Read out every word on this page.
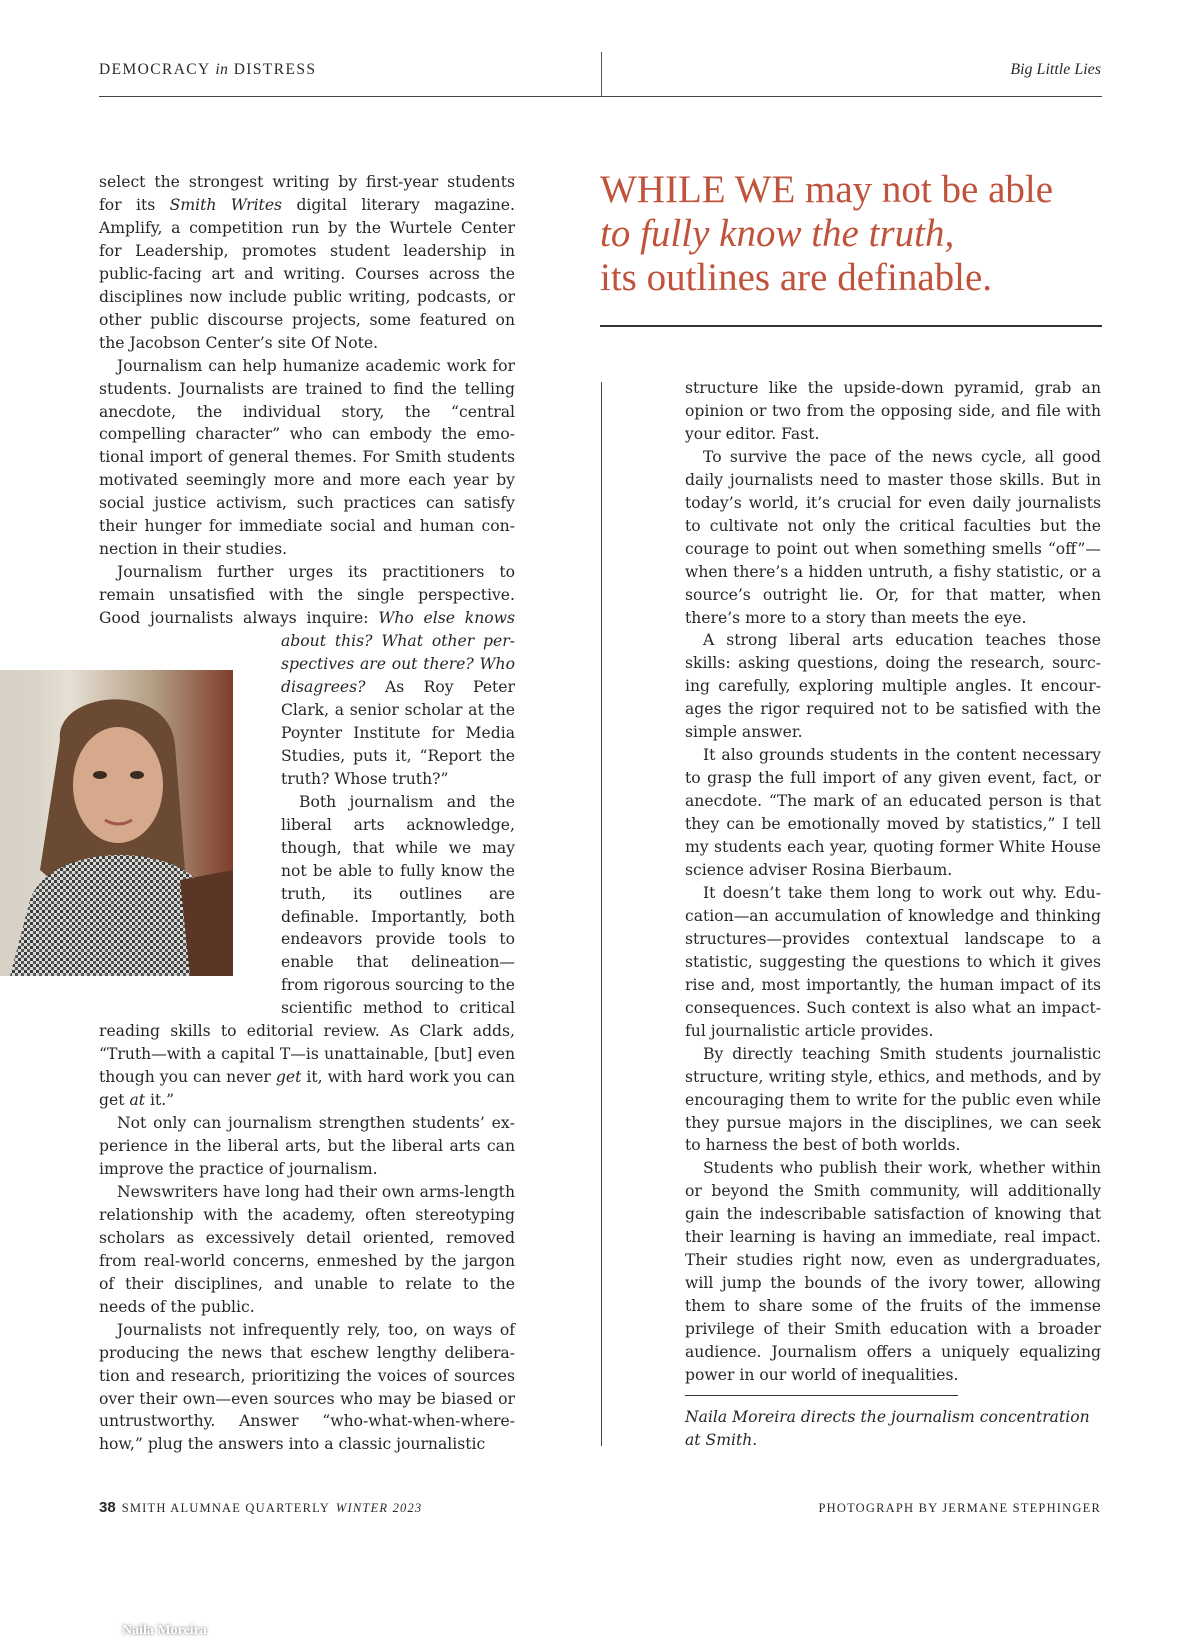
DEMOCRACY in DISTRESS	Big Little Lies
WHILE WE may not be able
to fully know the truth,
its outlines are definable.

select the strongest writing by first-year students for its Smith Writes digital literary magazine. Amplify, a competition run by the Wurtele Center for Leadership, promotes student leadership in public-facing art and writing. Courses across the disciplines now include public writing, podcasts, or other public discourse projects, some featured on the Jacobson Center’s site Of Note.

Journalism can help humanize academic work for students. Journalists are trained to find the telling anecdote, the individual story, the “central compelling character” who can embody the emotional import of general themes. For Smith students motivated seemingly more and more each year by social justice activism, such practices can satisfy their hunger for immediate social and human connection in their studies.

Journalism further urges its practitioners to remain unsatisfied with the single perspective. Good journalists always inquire:
Who else knows about this? What other perspectives are out there? Who disagrees? As Roy Peter Clark, a senior scholar at the Poynter Institute for Media Studies, puts it, “Report the truth? Whose truth?”

Both journalism and the liberal arts acknowledge, though, that while we may not be able to fully know the truth, its outlines are definable. Importantly, both endeavors provide tools to enable that delineation—from rigorous sourcing to the scientific method to critical reading skills to editorial review. As Clark adds, “Truth—with a capital T—is unattainable, [but] even though you can never get it, with hard work you can get at it.”

Not only can journalism strengthen students’ experience in the liberal arts, but the liberal arts can improve the practice of journalism.

Newswriters have long had their own arms-length relationship with the academy, often stereotyping scholars as excessively detail oriented, removed from real-world concerns, enmeshed by the jargon of their disciplines, and unable to relate to the needs of the public.

Journalists not infrequently rely, too, on ways of producing the news that eschew lengthy deliberation and research, prioritizing the voices of sources over their own—even sources who may be biased or untrustworthy. Answer “who-what-when-where-how,” plug the answers into a classic journalistic

Naila Moreira

structure like the upside-down pyramid, grab an opinion or two from the opposing side, and file with your editor. Fast.

To survive the pace of the news cycle, all good daily journalists need to master those skills. But in today’s world, it’s crucial for even daily journalists to cultivate not only the critical faculties but the courage to point out when something smells “off”—when there’s a hidden untruth, a fishy statistic, or a source’s outright lie. Or, for that matter, when there’s more to a story than meets the eye.

A strong liberal arts education teaches those skills: asking questions, doing the research, sourcing carefully, exploring multiple angles. It encourages the rigor required not to be satisfied with the simple answer.

It also grounds students in the content necessary to grasp the full import of any given event, fact, or anecdote. “The mark of an educated person is that they can be emotionally moved by statistics,” I tell my students each year, quoting former White House science adviser Rosina Bierbaum.

It doesn’t take them long to work out why. Education—an accumulation of knowledge and thinking structures—provides contextual landscape to a statistic, suggesting the questions to which it gives rise and, most importantly, the human impact of its consequences. Such context is also what an impactful journalistic article provides.

By directly teaching Smith students journalistic structure, writing style, ethics, and methods, and by encouraging them to write for the public even while they pursue majors in the disciplines, we can seek to harness the best of both worlds.

Students who publish their work, whether within or beyond the Smith community, will additionally gain the indescribable satisfaction of knowing that their learning is having an immediate, real impact. Their studies right now, even as undergraduates, will jump the bounds of the ivory tower, allowing them to share some of the fruits of the immense privilege of their Smith education with a broader audience. Journalism offers a uniquely equalizing power in our world of inequalities.

Naila Moreira directs the journalism concentration
at Smith.
38 SMITH ALUMNAE QUARTERLY WINTER 2023	PHOTOGRAPH BY JERMANE STEPHINGER
